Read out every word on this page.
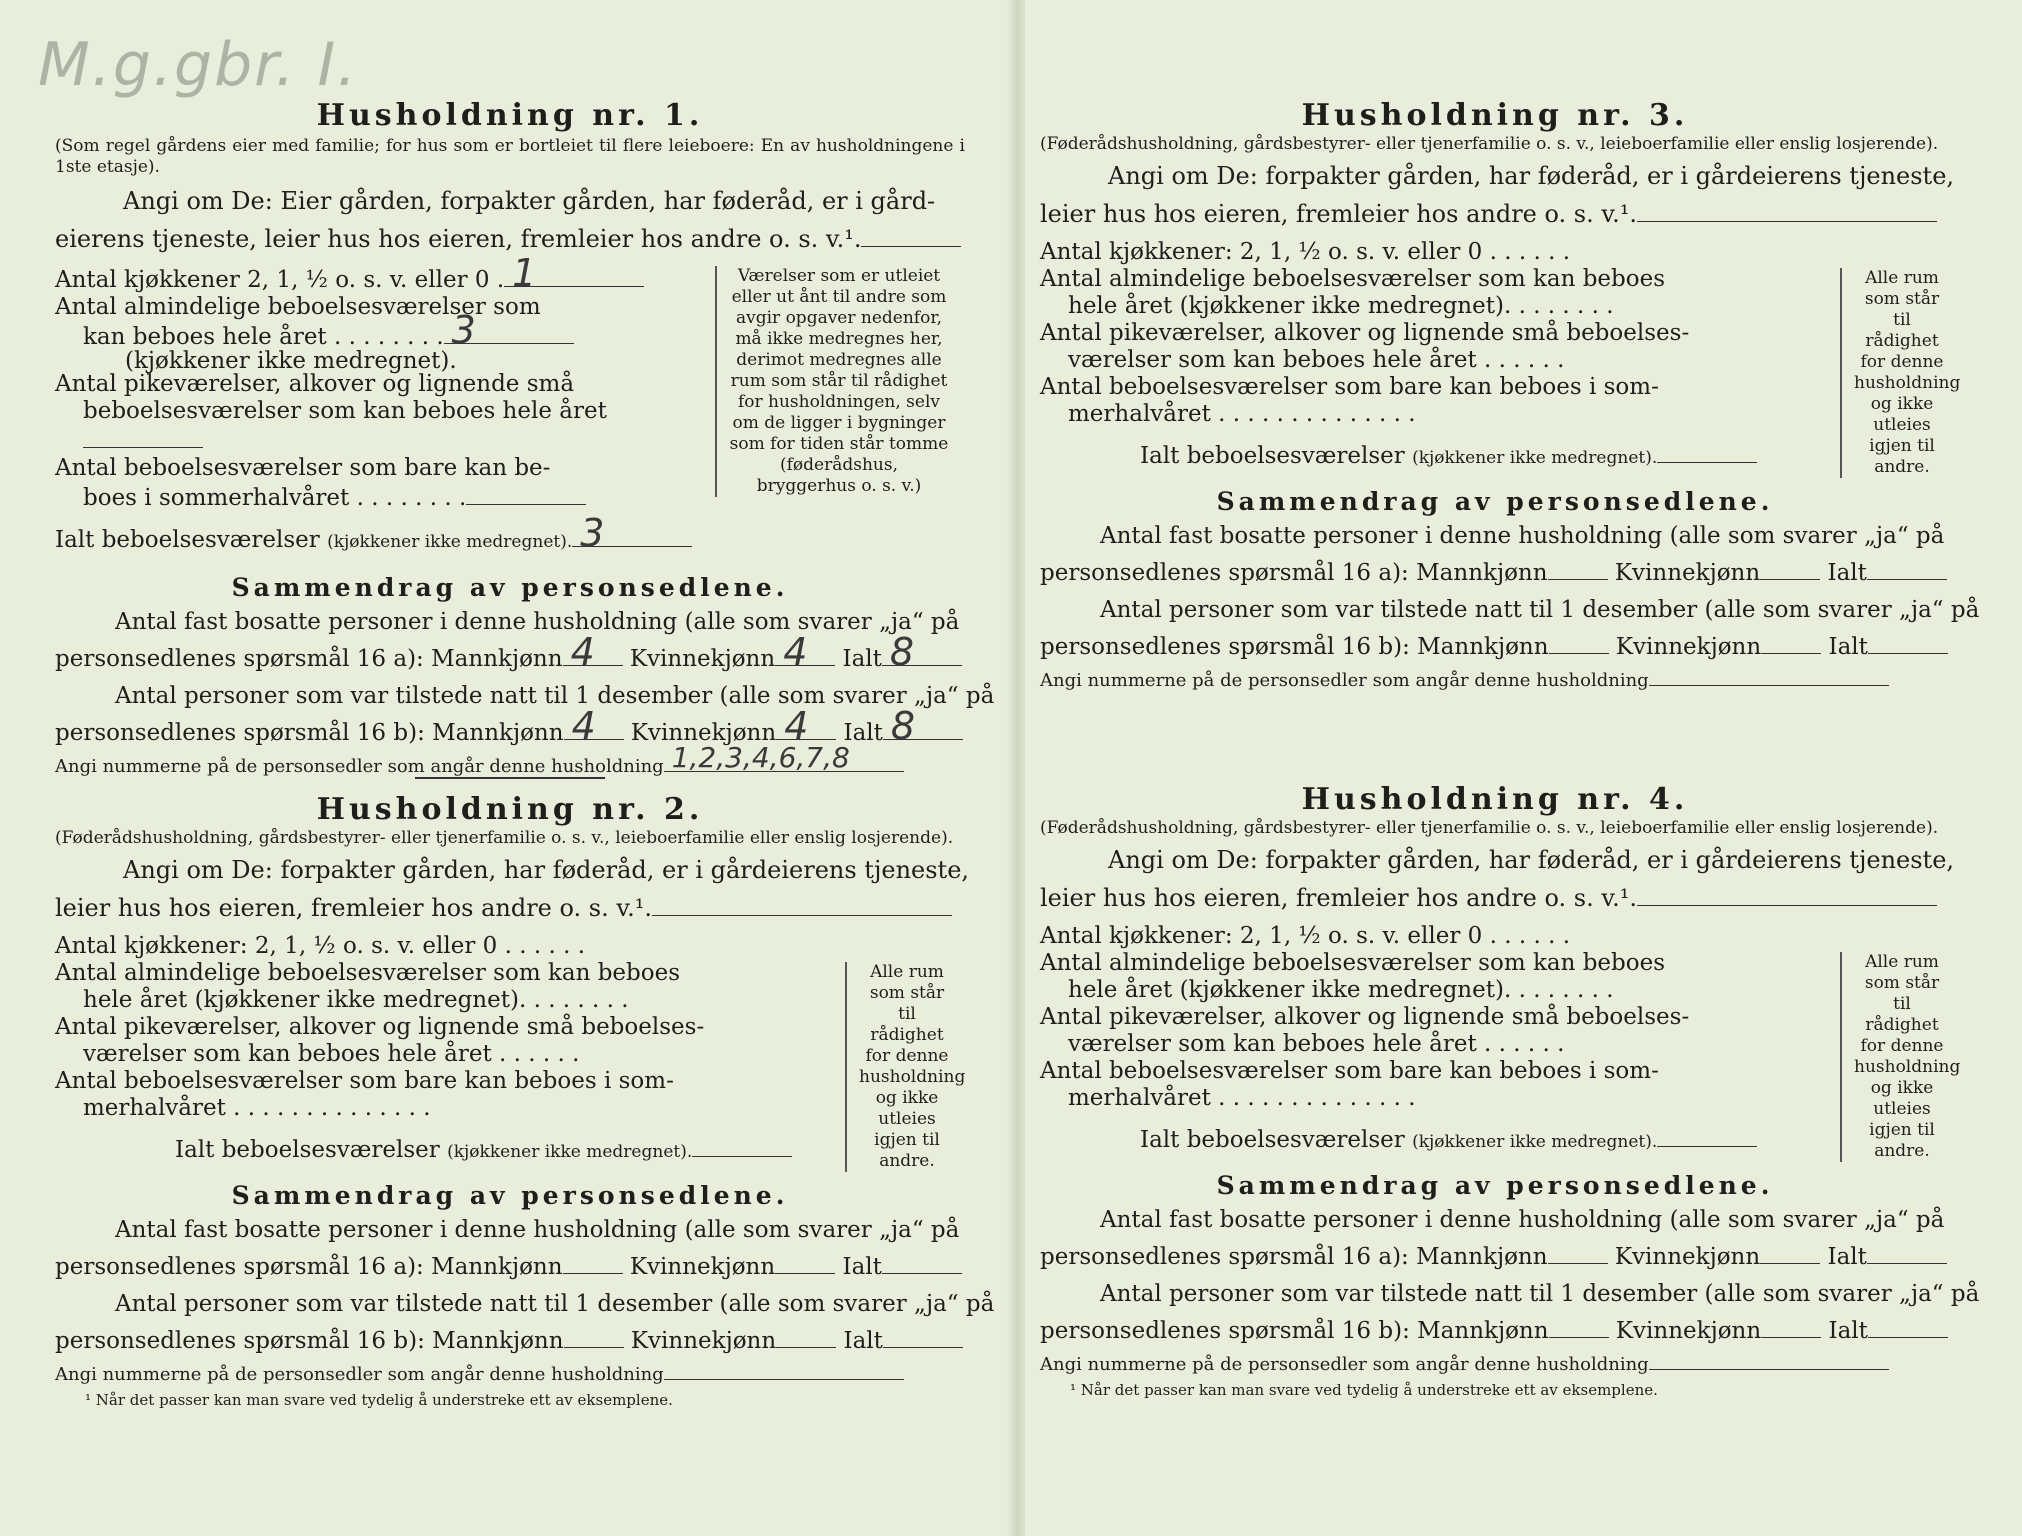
M.g.gbr. I.

Husholdning nr. 1.

(Som regel gårdens eier med familie; for hus som er bortleiet til flere leieboere: En av husholdningene i 1ste etasje).

Angi om De: Eier gården, forpakter gården, har føderåd, er i gård-

eierens tjeneste, leier hus hos eieren, fremleier hos andre o. s. v.¹.

Antal kjøkkener 2, 1, ½ o. s. v. eller 0 . 1

Antal almindelige beboelsesværelser som

kan beboes hele året . . . . . . . . 3

(kjøkkener ikke medregnet).

Antal pikeværelser, alkover og lignende små

beboelsesværelser som kan beboes hele året

Antal beboelsesværelser som bare kan be-

boes i sommerhalvåret . . . . . . . .

Ialt beboelsesværelser (kjøkkener ikke medregnet). 3

Værelser som er utleiet eller ut ånt til andre som avgir opgaver nedenfor, må ikke medregnes her, derimot medregnes alle rum som står til rådighet for husholdningen, selv om de ligger i bygninger som for tiden står tomme (føderådshus, bryggerhus o. s. v.)

Sammendrag av personsedlene.

Antal fast bosatte personer i denne husholdning (alle som svarer „ja“ på

personsedlenes spørsmål 16 a): Mannkjønn 4 Kvinnekjønn 4 Ialt 8

Antal personer som var tilstede natt til 1 desember (alle som svarer „ja“ på

personsedlenes spørsmål 16 b): Mannkjønn 4 Kvinnekjønn 4 Ialt 8

Angi nummerne på de personsedler som angår denne husholdning 1,2,3,4,6,7,8

Husholdning nr. 2.

(Føderådshusholdning, gårdsbestyrer- eller tjenerfamilie o. s. v., leieboerfamilie eller enslig losjerende).

Angi om De: forpakter gården, har føderåd, er i gårdeierens tjeneste,

leier hus hos eieren, fremleier hos andre o. s. v.¹.

Antal kjøkkener: 2, 1, ½ o. s. v. eller 0 . . . . . .

Antal almindelige beboelsesværelser som kan beboes

hele året (kjøkkener ikke medregnet). . . . . . . .

Antal pikeværelser, alkover og lignende små beboelses-

værelser som kan beboes hele året . . . . . .

Antal beboelsesværelser som bare kan beboes i som-

merhalvåret . . . . . . . . . . . . . .

Ialt beboelsesværelser (kjøkkener ikke medregnet).

Alle rum som står til rådighet for denne husholdning og ikke utleies igjen til andre.

Sammendrag av personsedlene.

Antal fast bosatte personer i denne husholdning (alle som svarer „ja“ på

personsedlenes spørsmål 16 a): Mannkjønn	Kvinnekjønn	Ialt

Antal personer som var tilstede natt til 1 desember (alle som svarer „ja“ på

personsedlenes spørsmål 16 b): Mannkjønn	Kvinnekjønn	Ialt

Angi nummerne på de personsedler som angår denne husholdning

¹ Når det passer kan man svare ved tydelig å understreke ett av eksemplene.

Husholdning nr. 3.

(Føderådshusholdning, gårdsbestyrer- eller tjenerfamilie o. s. v., leieboerfamilie eller enslig losjerende).

Angi om De: forpakter gården, har føderåd, er i gårdeierens tjeneste,

leier hus hos eieren, fremleier hos andre o. s. v.¹.

Antal kjøkkener: 2, 1, ½ o. s. v. eller 0 . . . . . .

Antal almindelige beboelsesværelser som kan beboes

hele året (kjøkkener ikke medregnet). . . . . . . .

Antal pikeværelser, alkover og lignende små beboelses-

værelser som kan beboes hele året . . . . . .

Antal beboelsesværelser som bare kan beboes i som-

merhalvåret . . . . . . . . . . . . . .

Ialt beboelsesværelser (kjøkkener ikke medregnet).

Alle rum som står til rådighet for denne husholdning og ikke utleies igjen til andre.

Sammendrag av personsedlene.

Antal fast bosatte personer i denne husholdning (alle som svarer „ja“ på

personsedlenes spørsmål 16 a): Mannkjønn	Kvinnekjønn	Ialt

Antal personer som var tilstede natt til 1 desember (alle som svarer „ja“ på

personsedlenes spørsmål 16 b): Mannkjønn	Kvinnekjønn	Ialt

Angi nummerne på de personsedler som angår denne husholdning

Husholdning nr. 4.

(Føderådshusholdning, gårdsbestyrer- eller tjenerfamilie o. s. v., leieboerfamilie eller enslig losjerende).

Angi om De: forpakter gården, har føderåd, er i gårdeierens tjeneste,

leier hus hos eieren, fremleier hos andre o. s. v.¹.

Antal kjøkkener: 2, 1, ½ o. s. v. eller 0 . . . . . .

Antal almindelige beboelsesværelser som kan beboes

hele året (kjøkkener ikke medregnet). . . . . . . .

Antal pikeværelser, alkover og lignende små beboelses-

værelser som kan beboes hele året . . . . . .

Antal beboelsesværelser som bare kan beboes i som-

merhalvåret . . . . . . . . . . . . . .

Ialt beboelsesværelser (kjøkkener ikke medregnet).

Alle rum som står til rådighet for denne husholdning og ikke utleies igjen til andre.

Sammendrag av personsedlene.

Antal fast bosatte personer i denne husholdning (alle som svarer „ja“ på

personsedlenes spørsmål 16 a): Mannkjønn	Kvinnekjønn	Ialt

Antal personer som var tilstede natt til 1 desember (alle som svarer „ja“ på

personsedlenes spørsmål 16 b): Mannkjønn	Kvinnekjønn	Ialt

Angi nummerne på de personsedler som angår denne husholdning

¹ Når det passer kan man svare ved tydelig å understreke ett av eksemplene.
